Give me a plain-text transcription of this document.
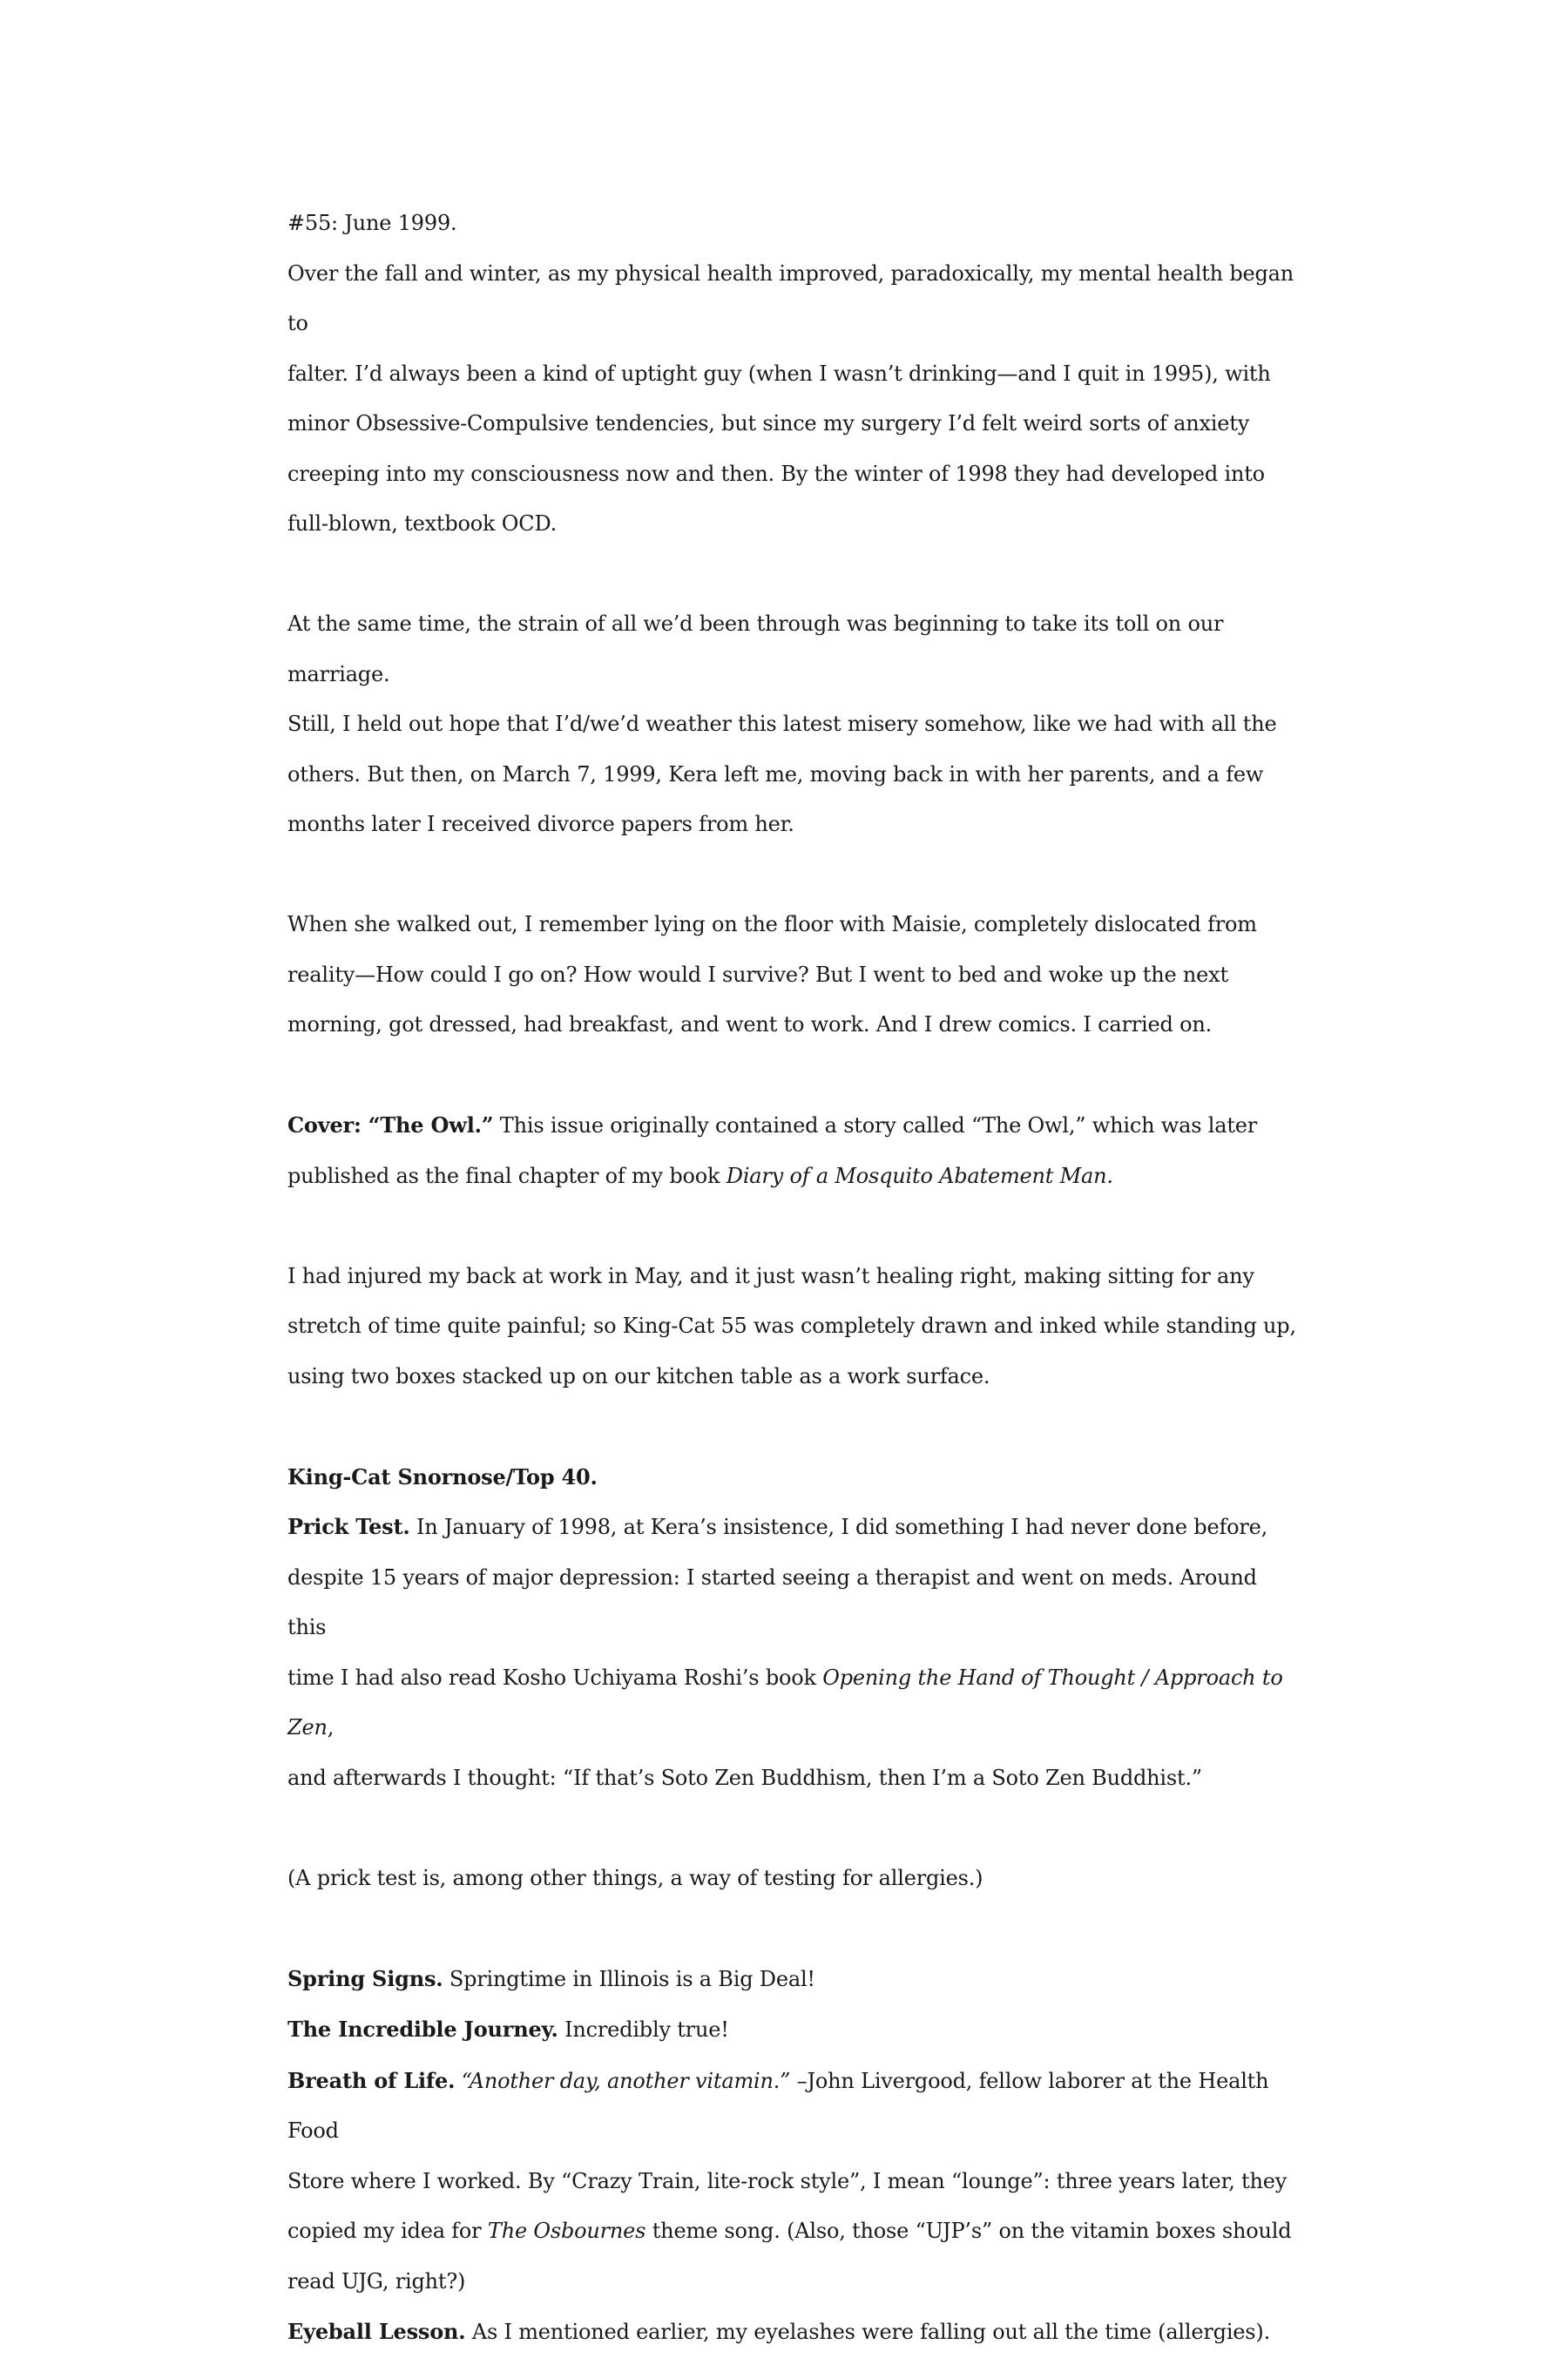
#55: June 1999.

Over the fall and winter, as my physical health improved, paradoxically, my mental health began to

falter. I’d always been a kind of uptight guy (when I wasn’t drinking—and I quit in 1995), with

minor Obsessive-Compulsive tendencies, but since my surgery I’d felt weird sorts of anxiety

creeping into my consciousness now and then. By the winter of 1998 they had developed into

full-blown, textbook OCD.

At the same time, the strain of all we’d been through was beginning to take its toll on our marriage.

Still, I held out hope that I’d/we’d weather this latest misery somehow, like we had with all the

others. But then, on March 7, 1999, Kera left me, moving back in with her parents, and a few

months later I received divorce papers from her.

When she walked out, I remember lying on the floor with Maisie, completely dislocated from

reality—How could I go on? How would I survive? But I went to bed and woke up the next

morning, got dressed, had breakfast, and went to work. And I drew comics. I carried on.

Cover: “The Owl.” This issue originally contained a story called “The Owl,” which was later

published as the final chapter of my book Diary of a Mosquito Abatement Man.

I had injured my back at work in May, and it just wasn’t healing right, making sitting for any

stretch of time quite painful; so King-Cat 55 was completely drawn and inked while standing up,

using two boxes stacked up on our kitchen table as a work surface.

King-Cat Snornose/Top 40.

Prick Test. In January of 1998, at Kera’s insistence, I did something I had never done before,

despite 15 years of major depression: I started seeing a therapist and went on meds. Around this

time I had also read Kosho Uchiyama Roshi’s book Opening the Hand of Thought / Approach to Zen,

and afterwards I thought: “If that’s Soto Zen Buddhism, then I’m a Soto Zen Buddhist.”

(A prick test is, among other things, a way of testing for allergies.)

Spring Signs. Springtime in Illinois is a Big Deal!

The Incredible Journey. Incredibly true!

Breath of Life. “Another day, another vitamin.” –John Livergood, fellow laborer at the Health Food

Store where I worked. By “Crazy Train, lite-rock style”, I mean “lounge”: three years later, they

copied my idea for The Osbournes theme song. (Also, those “UJP’s” on the vitamin boxes should

read UJG, right?)

Eyeball Lesson. As I mentioned earlier, my eyelashes were falling out all the time (allergies).
